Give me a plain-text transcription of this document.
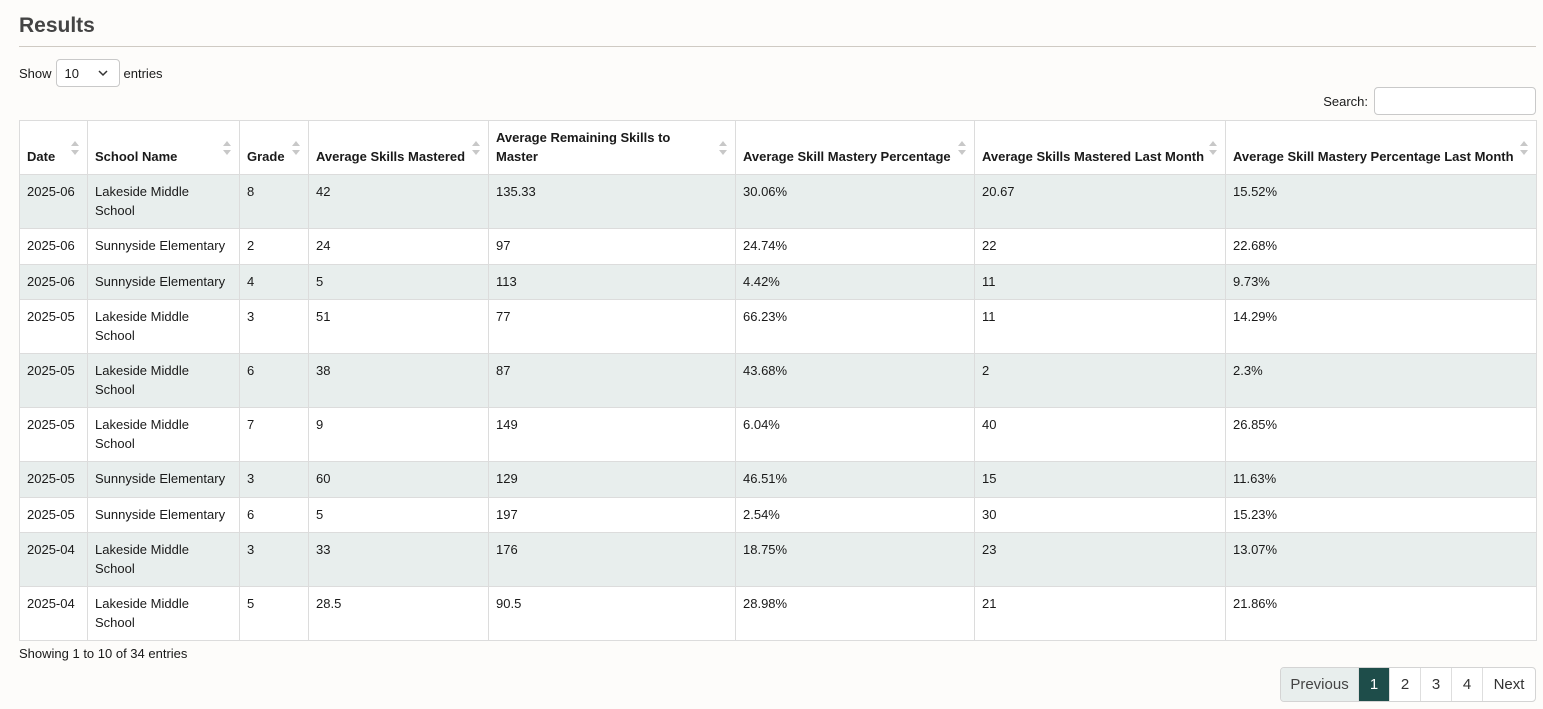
Results
Show 10	entries
Search:
Date	School Name	Grade	Average Skills Mastered	Average Remaining Skills to Master	Average Skill Mastery Percentage	Average Skills Mastered Last Month	Average Skill Mastery Percentage Last Month

2025-06	Lakeside Middle School	8	42	135.33	30.06%	20.67	15.52%
2025-06	Sunnyside Elementary	2	24	97	24.74%	22	22.68%
2025-06	Sunnyside Elementary	4	5	113	4.42%	11	9.73%
2025-05	Lakeside Middle School	3	51	77	66.23%	11	14.29%
2025-05	Lakeside Middle School	6	38	87	43.68%	2	2.3%
2025-05	Lakeside Middle School	7	9	149	6.04%	40	26.85%
2025-05	Sunnyside Elementary	3	60	129	46.51%	15	11.63%
2025-05	Sunnyside Elementary	6	5	197	2.54%	30	15.23%
2025-04	Lakeside Middle School	3	33	176	18.75%	23	13.07%
2025-04	Lakeside Middle School	5	28.5	90.5	28.98%	21	21.86%
Showing 1 to 10 of 34 entries
Previous	1	2	3	4	Next
